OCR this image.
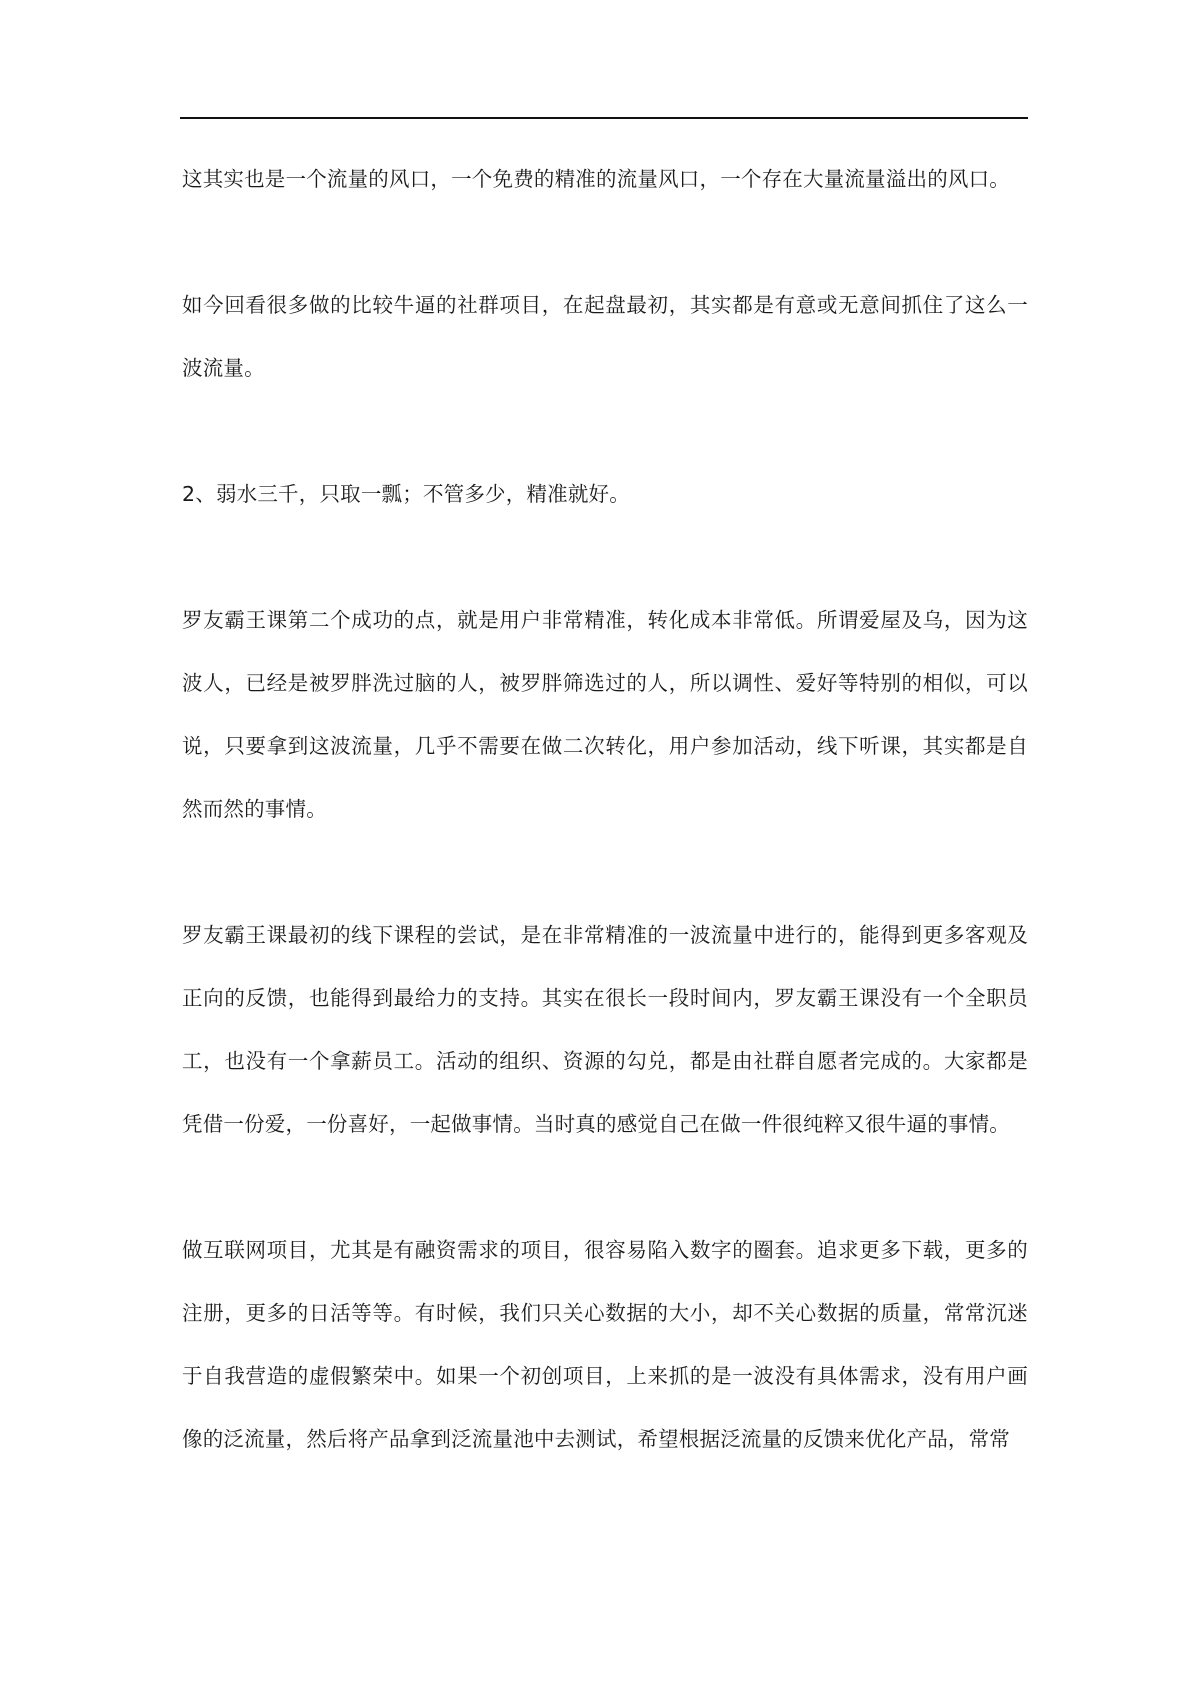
这其实也是一个流量的风口，一个免费的精准的流量风口，一个存在大量流量溢出的风口。

如今回看很多做的比较牛逼的社群项目，在起盘最初，其实都是有意或无意间抓住了这么一波流量。

2、弱水三千，只取一瓢；不管多少，精准就好。

罗友霸王课第二个成功的点，就是用户非常精准，转化成本非常低。所谓爱屋及乌，因为这波人，已经是被罗胖洗过脑的人，被罗胖筛选过的人，所以调性、爱好等特别的相似，可以说，只要拿到这波流量，几乎不需要在做二次转化，用户参加活动，线下听课，其实都是自然而然的事情。

罗友霸王课最初的线下课程的尝试，是在非常精准的一波流量中进行的，能得到更多客观及正向的反馈，也能得到最给力的支持。其实在很长一段时间内，罗友霸王课没有一个全职员工，也没有一个拿薪员工。活动的组织、资源的勾兑，都是由社群自愿者完成的。大家都是凭借一份爱，一份喜好，一起做事情。当时真的感觉自己在做一件很纯粹又很牛逼的事情。

做互联网项目，尤其是有融资需求的项目，很容易陷入数字的圈套。追求更多下载，更多的注册，更多的日活等等。有时候，我们只关心数据的大小，却不关心数据的质量，常常沉迷于自我营造的虚假繁荣中。如果一个初创项目，上来抓的是一波没有具体需求，没有用户画像的泛流量，然后将产品拿到泛流量池中去测试，希望根据泛流量的反馈来优化产品，常常
